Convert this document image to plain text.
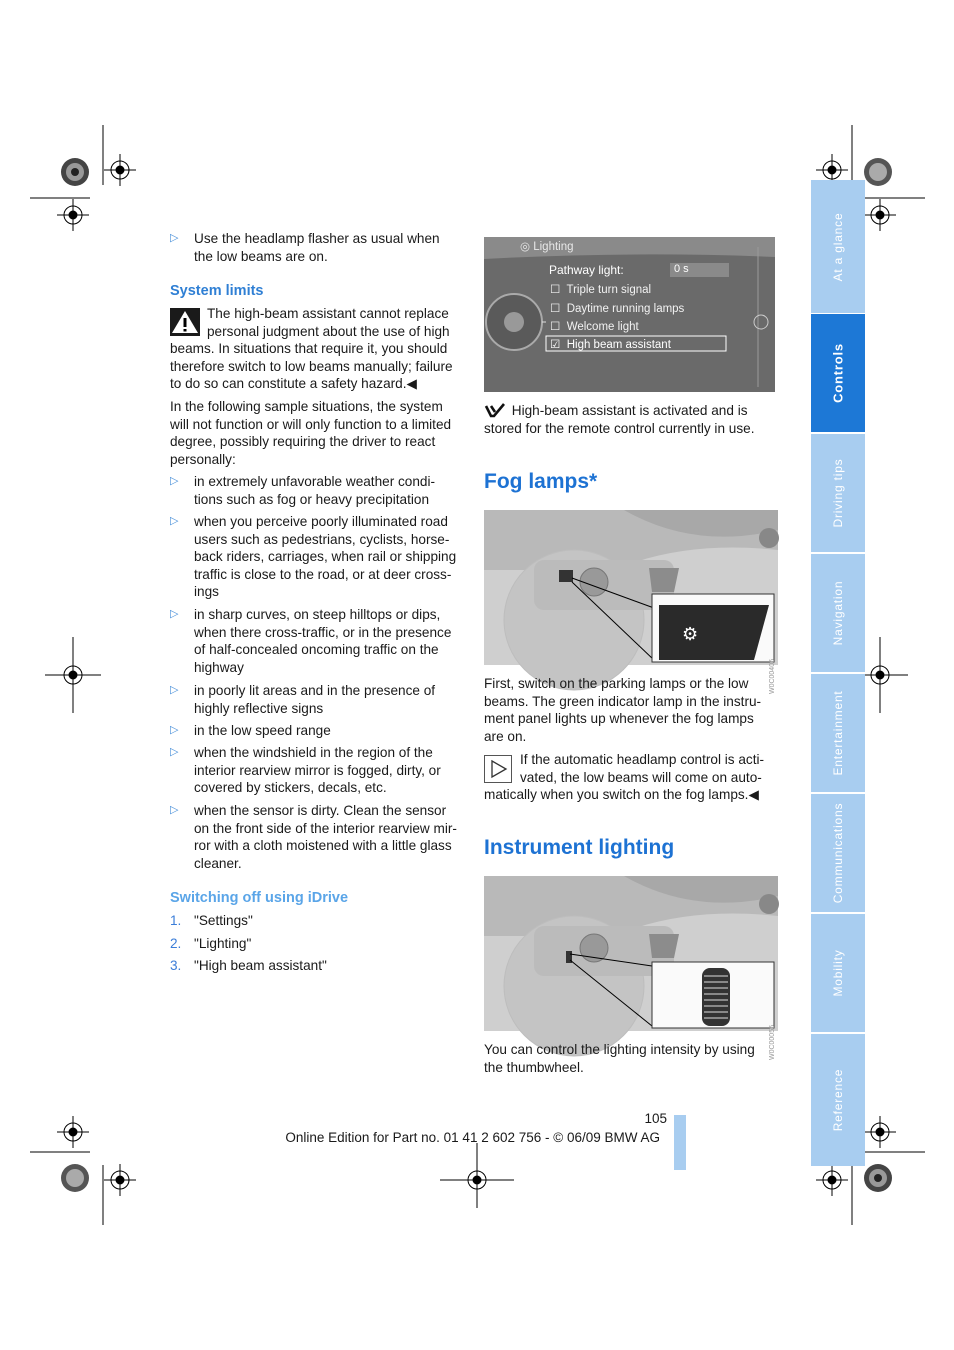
▷ Use the headlamp flasher as usual when the low beams are on.
System limits
The high-beam assistant cannot replace personal judgment about the use of high beams. In situations that require it, you should therefore switch to low beams manually; failure to do so can constitute a safety hazard.◀
In the following sample situations, the system will not function or will only function to a limited degree, possibly requiring the driver to react personally:
▷ in extremely unfavorable weather condi-tions such as fog or heavy precipitation
▷ when you perceive poorly illuminated road users such as pedestrians, cyclists, horse-back riders, carriages, when rail or shipping traffic is close to the road, or at deer cross-ings
▷ in sharp curves, on steep hilltops or dips, when there cross-traffic, or in the presence of half-concealed oncoming traffic on the highway
▷ in poorly lit areas and in the presence of highly reflective signs
▷ in the low speed range
▷ when the windshield in the region of the interior rearview mirror is fogged, dirty, or covered by stickers, decals, etc.
▷ when the sensor is dirty. Clean the sensor on the front side of the interior rearview mir-ror with a cloth moistened with a little glass cleaner.
Switching off using iDrive
1. "Settings"
2. "Lighting"
3. "High beam assistant"
◎ Lighting
Pathway light:	0 s
☐  Triple turn signal
☐  Daytime running lamps
☐  Welcome light
☑  High beam assistant
High-beam assistant is activated and is stored for the remote control currently in use.
Fog lamps*
⚙
W0C00406
First, switch on the parking lamps or the low beams. The green indicator lamp in the instru-ment panel lights up whenever the fog lamps are on.
If the automatic headlamp control is acti-vated, the low beams will come on auto-matically when you switch on the fog lamps.◀
Instrument lighting
W0C00056
You can control the lighting intensity by using the thumbwheel.
At a glance
Controls
Driving tips
Navigation
Entertainment
Communications
Mobility
Reference
105
Online Edition for Part no. 01 41 2 602 756 - © 06/09 BMW AG
